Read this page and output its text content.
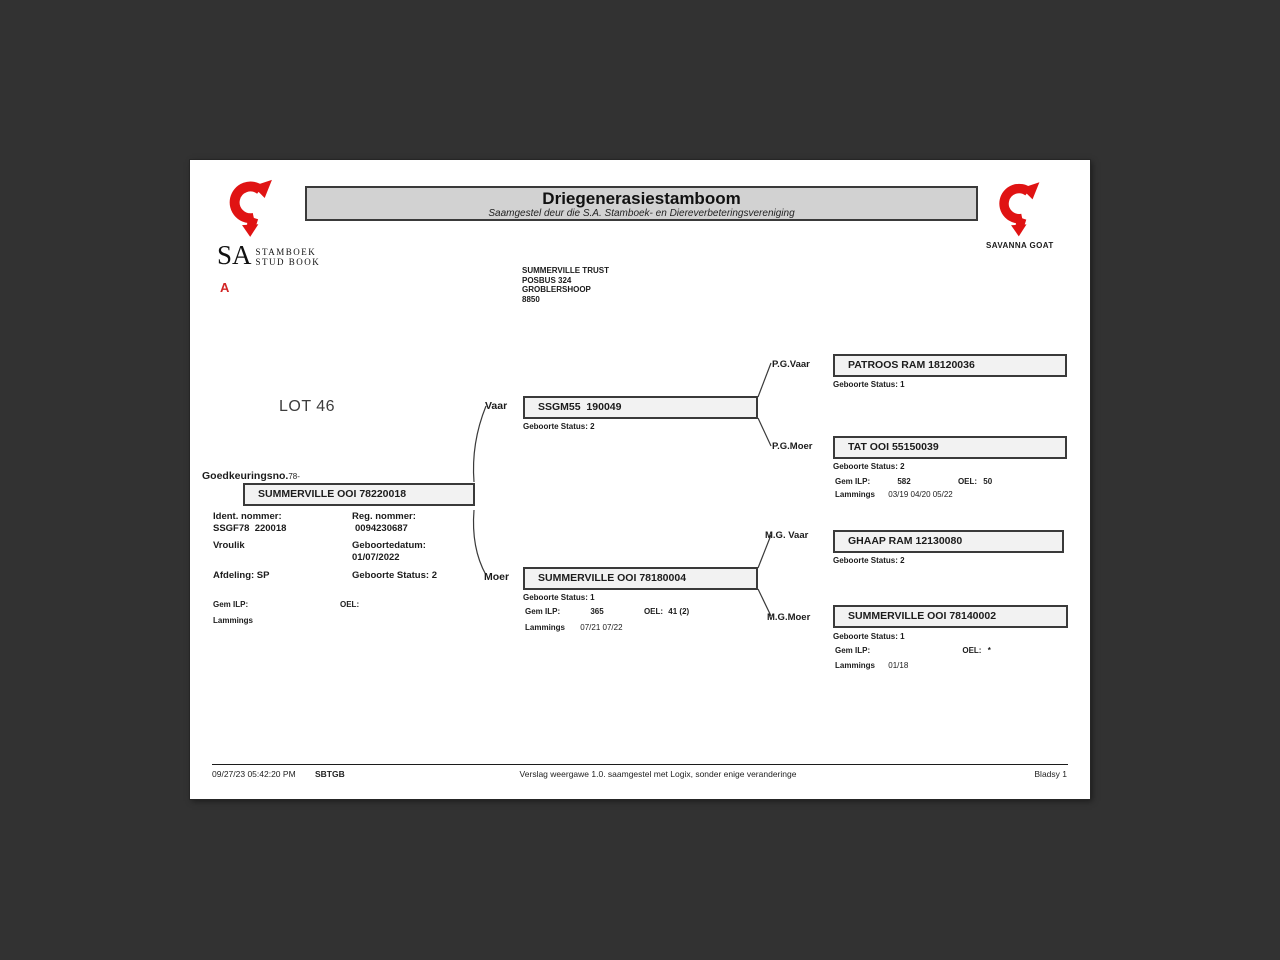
Driegenerasiestamboom
Saamgestel deur die S.A. Stamboek- en Diereverbeteringsvereniging
SA STAMBOEK
STUD BOOK
A
SAVANNA GOAT
SUMMERVILLE TRUST
POSBUS 324
GROBLERSHOOP
8850
LOT 46
Goedkeuringsno.78-
SUMMERVILLE OOI 78220018
Ident. nommer:
SSGF78  220018
Reg. nommer:
0094230687
Vroulik	Geboortedatum:
01/07/2022
Afdeling: SP	Geboorte Status: 2
Gem ILP:	OEL:
Lammings
Vaar	SSGM55  190049
Geboorte Status: 2
Moer	SUMMERVILLE OOI 78180004
Geboorte Status: 1
Gem ILP:	365	OEL: 41 (2)
Lammings 07/21 07/22
P.G.Vaar	PATROOS RAM 18120036
Geboorte Status: 1
P.G.Moer	TAT OOI 55150039
Geboorte Status: 2
Gem ILP:	582	OEL: 50
Lammings 03/19 04/20 05/22
M.G. Vaar	GHAAP RAM 12130080
Geboorte Status: 2
M.G.Moer	SUMMERVILLE OOI 78140002
Geboorte Status: 1
Gem ILP:	OEL: *
Lammings 01/18
09/27/23 05:42:20 PM SBTGB	Verslag weergawe 1.0. saamgestel met Logix, sonder enige veranderinge	Bladsy 1
